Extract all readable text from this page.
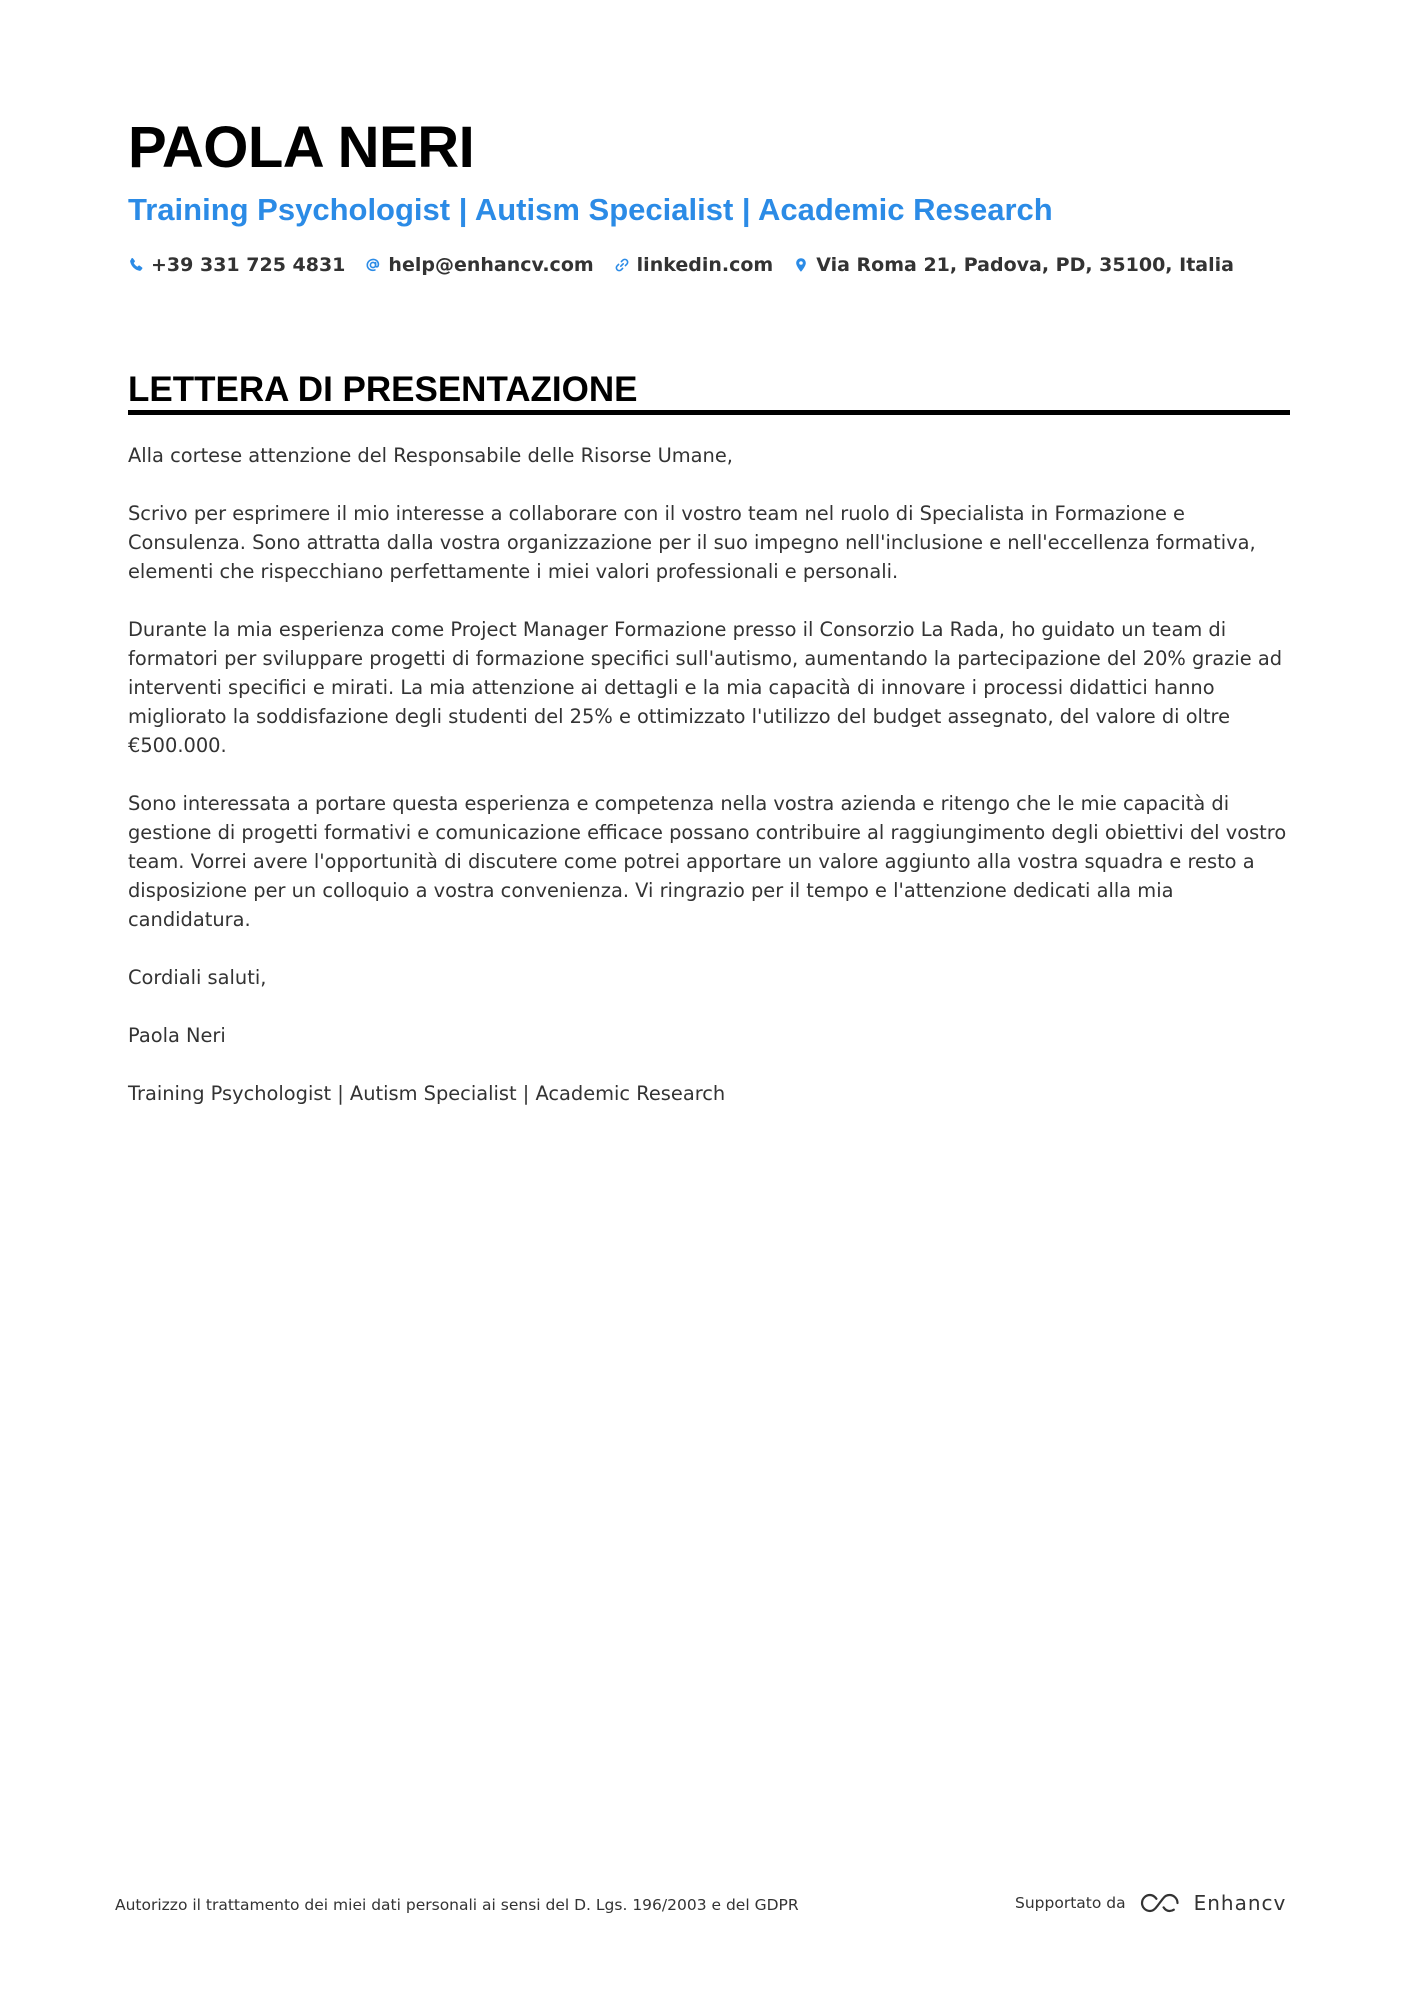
PAOLA NERI
Training Psychologist | Autism Specialist | Academic Research
+39 331 725 4831 help@enhancv.com linkedin.com Via Roma 21, Padova, PD, 35100, Italia
LETTERA DI PRESENTAZIONE

Alla cortese attenzione del Responsabile delle Risorse Umane,

Scrivo per esprimere il mio interesse a collaborare con il vostro team nel ruolo di Specialista in Formazione e Consulenza. Sono attratta dalla vostra organizzazione per il suo impegno nell'inclusione e nell'eccellenza formativa, elementi che rispecchiano perfettamente i miei valori professionali e personali.

Durante la mia esperienza come Project Manager Formazione presso il Consorzio La Rada, ho guidato un team di formatori per sviluppare progetti di formazione specifici sull'autismo, aumentando la partecipazione del 20% grazie ad interventi specifici e mirati. La mia attenzione ai dettagli e la mia capacità di innovare i processi didattici hanno migliorato la soddisfazione degli studenti del 25% e ottimizzato l'utilizzo del budget assegnato, del valore di oltre €500.000.

Sono interessata a portare questa esperienza e competenza nella vostra azienda e ritengo che le mie capacità di gestione di progetti formativi e comunicazione efficace possano contribuire al raggiungimento degli obiettivi del vostro team. Vorrei avere l'opportunità di discutere come potrei apportare un valore aggiunto alla vostra squadra e resto a disposizione per un colloquio a vostra convenienza. Vi ringrazio per il tempo e l'attenzione dedicati alla mia candidatura.

Cordiali saluti,

Paola Neri

Training Psychologist | Autism Specialist | Academic Research

Autorizzo il trattamento dei miei dati personali ai sensi del D. Lgs. 196/2003 e del GDPR	Supportato da	Enhancv
